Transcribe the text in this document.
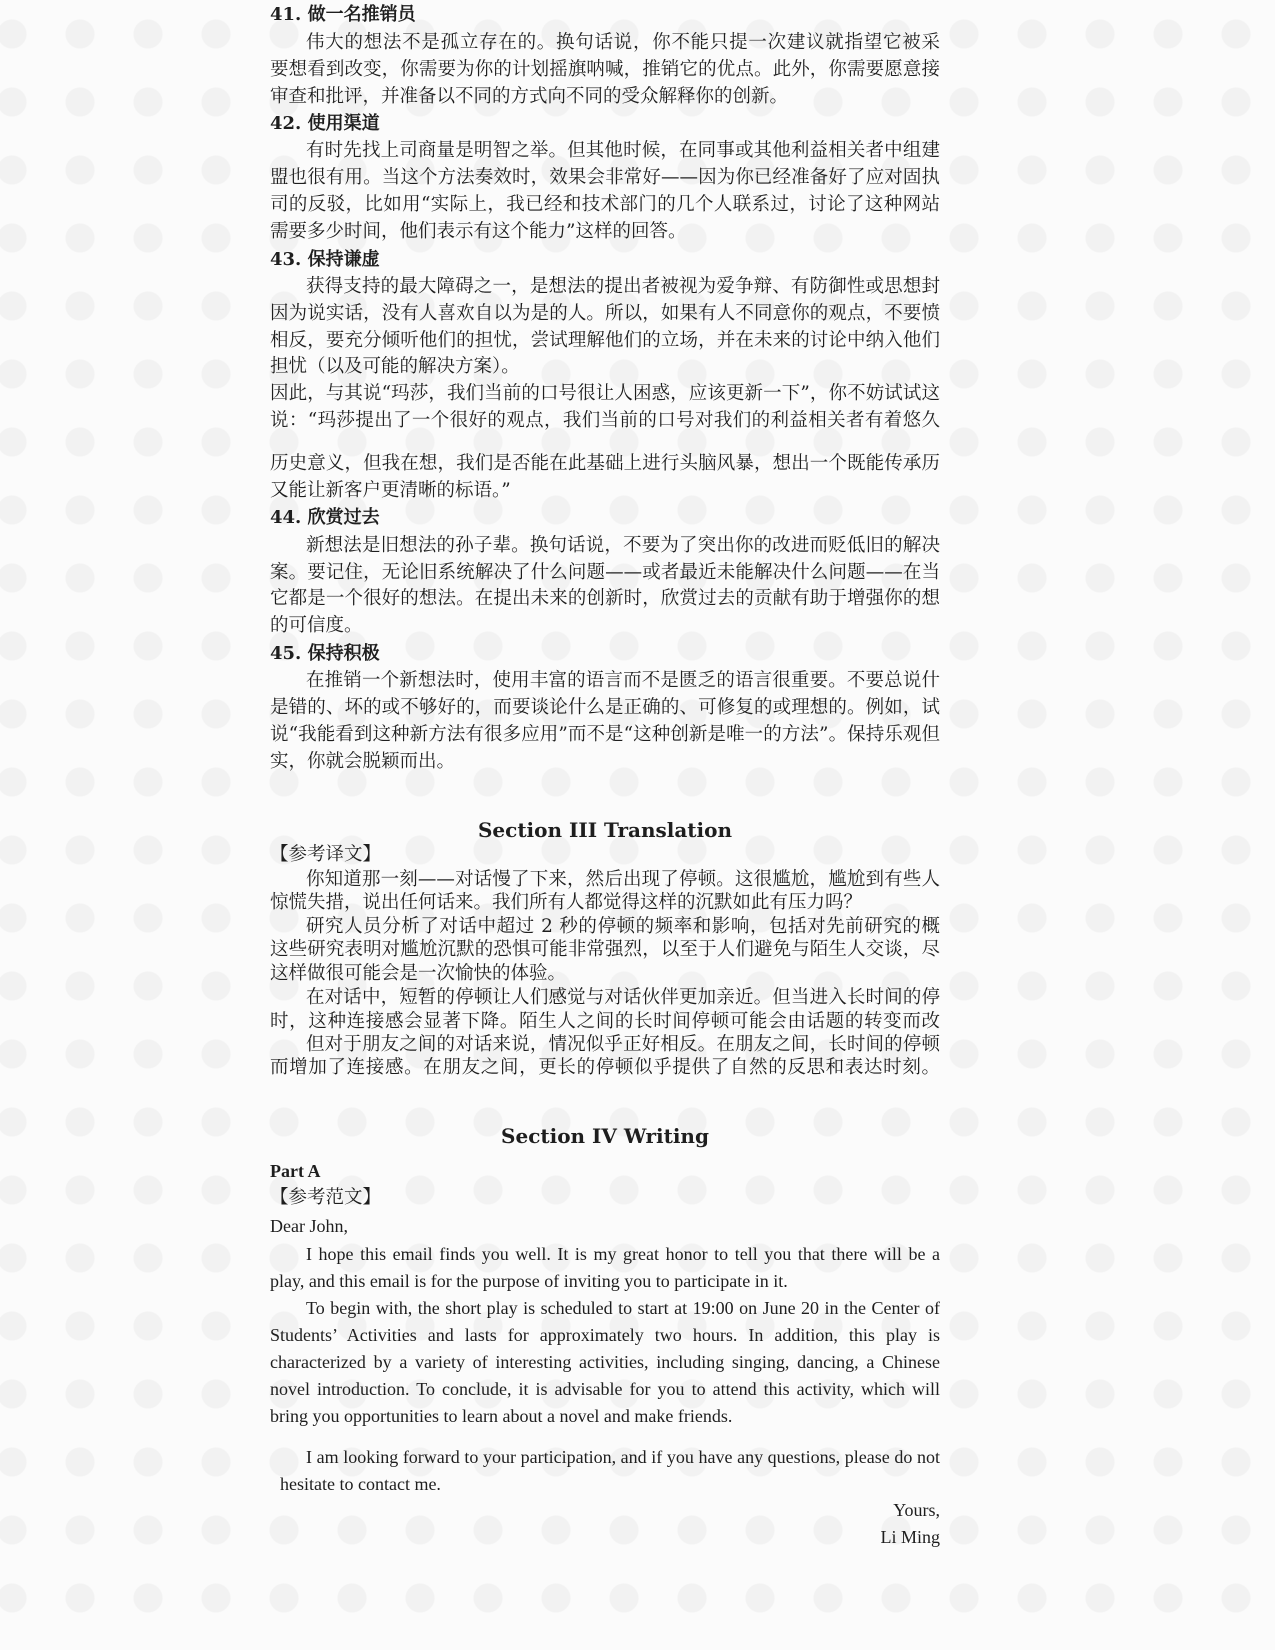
41. 做一名推销员
伟大的想法不是孤立存在的。换句话说，你不能只提一次建议就指望它被采
要想看到改变，你需要为你的计划摇旗呐喊，推销它的优点。此外，你需要愿意接
审查和批评，并准备以不同的方式向不同的受众解释你的创新。
42. 使用渠道
有时先找上司商量是明智之举。但其他时候，在同事或其他利益相关者中组建
盟也很有用。当这个方法奏效时，效果会非常好——因为你已经准备好了应对固执
司的反驳，比如用“实际上，我已经和技术部门的几个人联系过，讨论了这种网站
需要多少时间，他们表示有这个能力”这样的回答。
43. 保持谦虚
获得支持的最大障碍之一，是想法的提出者被视为爱争辩、有防御性或思想封
因为说实话，没有人喜欢自以为是的人。所以，如果有人不同意你的观点，不要愤
相反，要充分倾听他们的担忧，尝试理解他们的立场，并在未来的讨论中纳入他们
担忧（以及可能的解决方案）。
因此，与其说“玛莎，我们当前的口号很让人困惑，应该更新一下”，你不妨试试这
说：“玛莎提出了一个很好的观点，我们当前的口号对我们的利益相关者有着悠久
历史意义，但我在想，我们是否能在此基础上进行头脑风暴，想出一个既能传承历
又能让新客户更清晰的标语。”
44. 欣赏过去
新想法是旧想法的孙子辈。换句话说，不要为了突出你的改进而贬低旧的解决
案。要记住，无论旧系统解决了什么问题——或者最近未能解决什么问题——在当
它都是一个很好的想法。在提出未来的创新时，欣赏过去的贡献有助于增强你的想
的可信度。
45. 保持积极
在推销一个新想法时，使用丰富的语言而不是匮乏的语言很重要。不要总说什
是错的、坏的或不够好的，而要谈论什么是正确的、可修复的或理想的。例如，试
说“我能看到这种新方法有很多应用”而不是“这种创新是唯一的方法”。保持乐观但
实，你就会脱颖而出。
Section III Translation
【参考译文】
你知道那一刻——对话慢了下来，然后出现了停顿。这很尴尬，尴尬到有些人
惊慌失措，说出任何话来。我们所有人都觉得这样的沉默如此有压力吗？
研究人员分析了对话中超过 2 秒的停顿的频率和影响，包括对先前研究的概
这些研究表明对尴尬沉默的恐惧可能非常强烈，以至于人们避免与陌生人交谈，尽
这样做很可能会是一次愉快的体验。
在对话中，短暂的停顿让人们感觉与对话伙伴更加亲近。但当进入长时间的停
时，这种连接感会显著下降。陌生人之间的长时间停顿可能会由话题的转变而改
但对于朋友之间的对话来说，情况似乎正好相反。在朋友之间，长时间的停顿
而增加了连接感。在朋友之间，更长的停顿似乎提供了自然的反思和表达时刻。
Section IV Writing
Part A
【参考范文】
Dear John,
I hope this email finds you well. It is my great honor to tell you that there will be a
play, and this email is for the purpose of inviting you to participate in it.
To begin with, the short play is scheduled to start at 19:00 on June 20 in the Center of
Students’ Activities and lasts for approximately two hours. In addition, this play is
characterized by a variety of interesting activities, including singing, dancing, a Chinese
novel introduction. To conclude, it is advisable for you to attend this activity, which will
bring you opportunities to learn about a novel and make friends.
I am looking forward to your participation, and if you have any questions, please do not
hesitate to contact me.
Yours,
Li Ming
